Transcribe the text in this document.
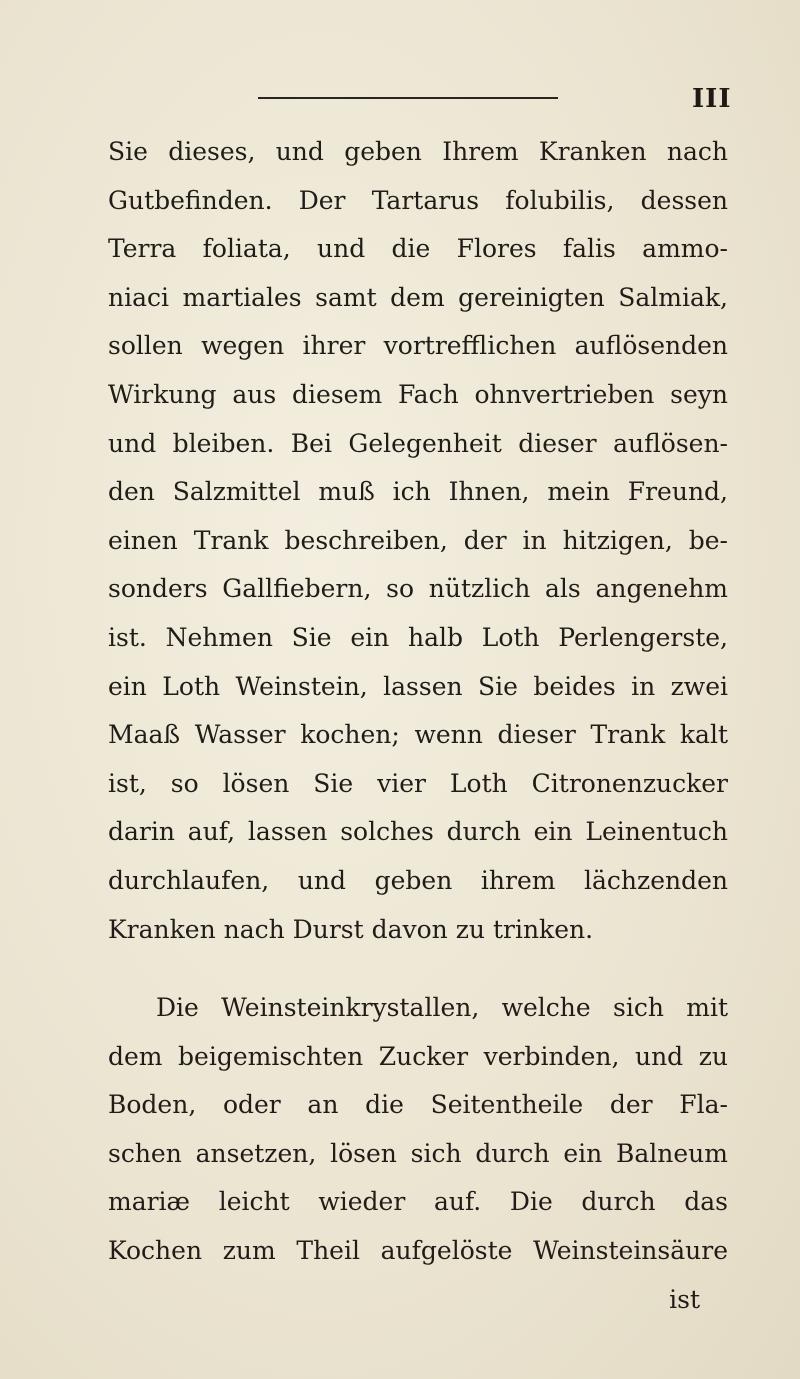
III
Sie dieses, und geben Ihrem Kranken nach
Gutbefinden. Der Tartarus folubilis, dessen
Terra foliata, und die Flores falis ammo-
niaci martiales samt dem gereinigten Salmiak,
sollen wegen ihrer vortrefflichen auflösenden
Wirkung aus diesem Fach ohnvertrieben seyn
und bleiben. Bei Gelegenheit dieser auflösen-
den Salzmittel muß ich Ihnen, mein Freund,
einen Trank beschreiben, der in hitzigen, be-
sonders Gallfiebern, so nützlich als angenehm
ist. Nehmen Sie ein halb Loth Perlengerste,
ein Loth Weinstein, lassen Sie beides in zwei
Maaß Wasser kochen; wenn dieser Trank kalt
ist, so lösen Sie vier Loth Citronenzucker
darin auf, lassen solches durch ein Leinentuch
durchlaufen, und geben ihrem lächzenden
Kranken nach Durst davon zu trinken.
Die Weinsteinkrystallen, welche sich mit
dem beigemischten Zucker verbinden, und zu
Boden, oder an die Seitentheile der Fla-
schen ansetzen, lösen sich durch ein Balneum
mariæ leicht wieder auf. Die durch das
Kochen zum Theil aufgelöste Weinsteinsäure
ist
